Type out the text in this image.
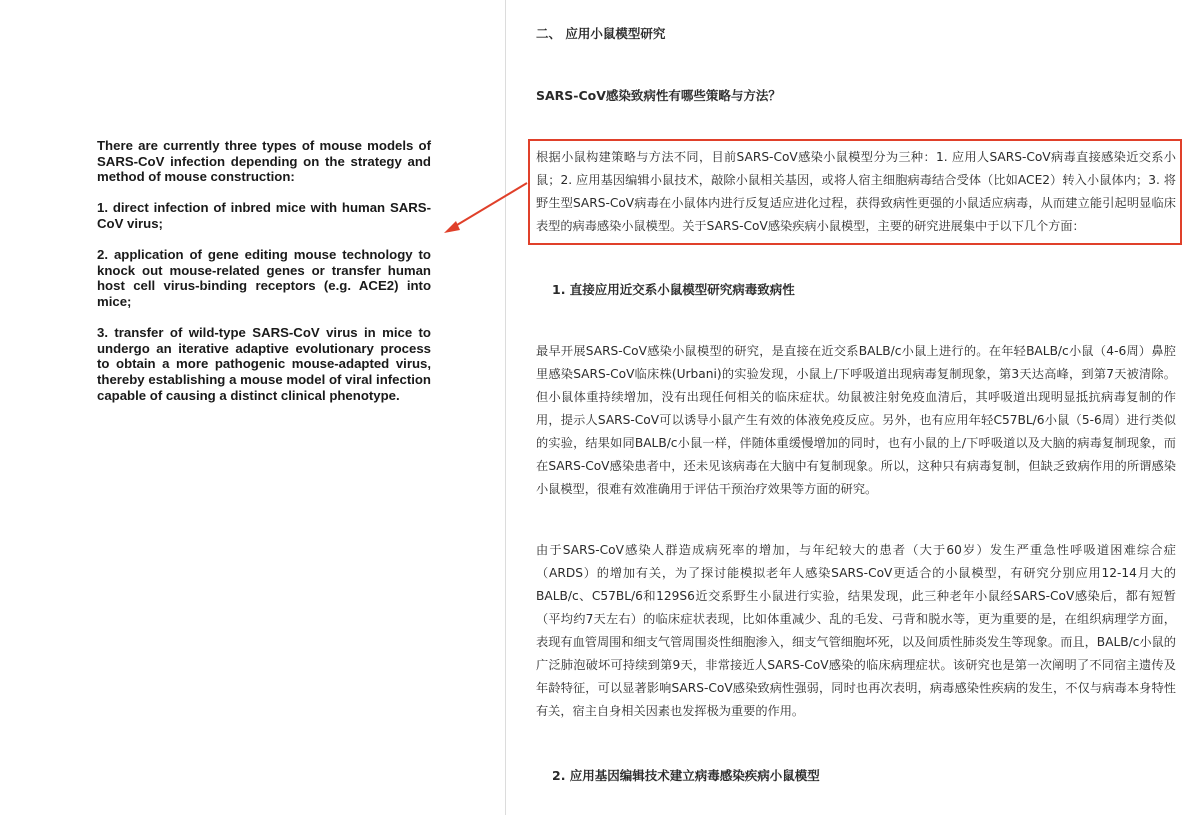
There are currently three types of mouse models of SARS-CoV infection depending on the strategy and method of mouse construction:

1. direct infection of inbred mice with human SARS-CoV virus;

2. application of gene editing mouse technology to knock out mouse-related genes or transfer human host cell virus-binding receptors (e.g. ACE2) into mice;

3. transfer of wild-type SARS-CoV virus in mice to undergo an iterative adaptive evolutionary process to obtain a more pathogenic mouse-adapted virus, thereby establishing a mouse model of viral infection capable of causing a distinct clinical phenotype.

二、 应用小鼠模型研究
SARS-CoV感染致病性有哪些策略与方法？
根据小鼠构建策略与方法不同，目前SARS-CoV感染小鼠模型分为三种：1. 应用人SARS-CoV病毒直接感染近交系小鼠；2. 应用基因编辑小鼠技术，敲除小鼠相关基因，或将人宿主细胞病毒结合受体（比如ACE2）转入小鼠体内；3. 将野生型SARS-CoV病毒在小鼠体内进行反复适应进化过程，获得致病性更强的小鼠适应病毒，从而建立能引起明显临床表型的病毒感染小鼠模型。关于SARS-CoV感染疾病小鼠模型，主要的研究进展集中于以下几个方面：
1. 直接应用近交系小鼠模型研究病毒致病性
最早开展SARS-CoV感染小鼠模型的研究，是直接在近交系BALB/c小鼠上进行的。在年轻BALB/c小鼠（4-6周）鼻腔里感染SARS-CoV临床株(Urbani)的实验发现，小鼠上/下呼吸道出现病毒复制现象，第3天达高峰，到第7天被清除。但小鼠体重持续增加，没有出现任何相关的临床症状。幼鼠被注射免疫血清后，其呼吸道出现明显抵抗病毒复制的作用，提示人SARS-CoV可以诱导小鼠产生有效的体液免疫反应。另外，也有应用年轻C57BL/6小鼠（5-6周）进行类似的实验，结果如同BALB/c小鼠一样，伴随体重缓慢增加的同时，也有小鼠的上/下呼吸道以及大脑的病毒复制现象，而在SARS-CoV感染患者中，还未见该病毒在大脑中有复制现象。所以，这种只有病毒复制，但缺乏致病作用的所谓感染小鼠模型，很难有效准确用于评估干预治疗效果等方面的研究。
由于SARS-CoV感染人群造成病死率的增加，与年纪较大的患者（大于60岁）发生严重急性呼吸道困难综合症（ARDS）的增加有关，为了探讨能模拟老年人感染SARS-CoV更适合的小鼠模型，有研究分别应用12-14月大的BALB/c、C57BL/6和129S6近交系野生小鼠进行实验，结果发现，此三种老年小鼠经SARS-CoV感染后，都有短暂（平均约7天左右）的临床症状表现，比如体重减少、乱的毛发、弓背和脱水等，更为重要的是，在组织病理学方面，表现有血管周围和细支气管周围炎性细胞渗入，细支气管细胞坏死，以及间质性肺炎发生等现象。而且，BALB/c小鼠的广泛肺泡破坏可持续到第9天，非常接近人SARS-CoV感染的临床病理症状。该研究也是第一次阐明了不同宿主遗传及年龄特征，可以显著影响SARS-CoV感染致病性强弱，同时也再次表明，病毒感染性疾病的发生，不仅与病毒本身特性有关，宿主自身相关因素也发挥极为重要的作用。
2. 应用基因编辑技术建立病毒感染疾病小鼠模型
